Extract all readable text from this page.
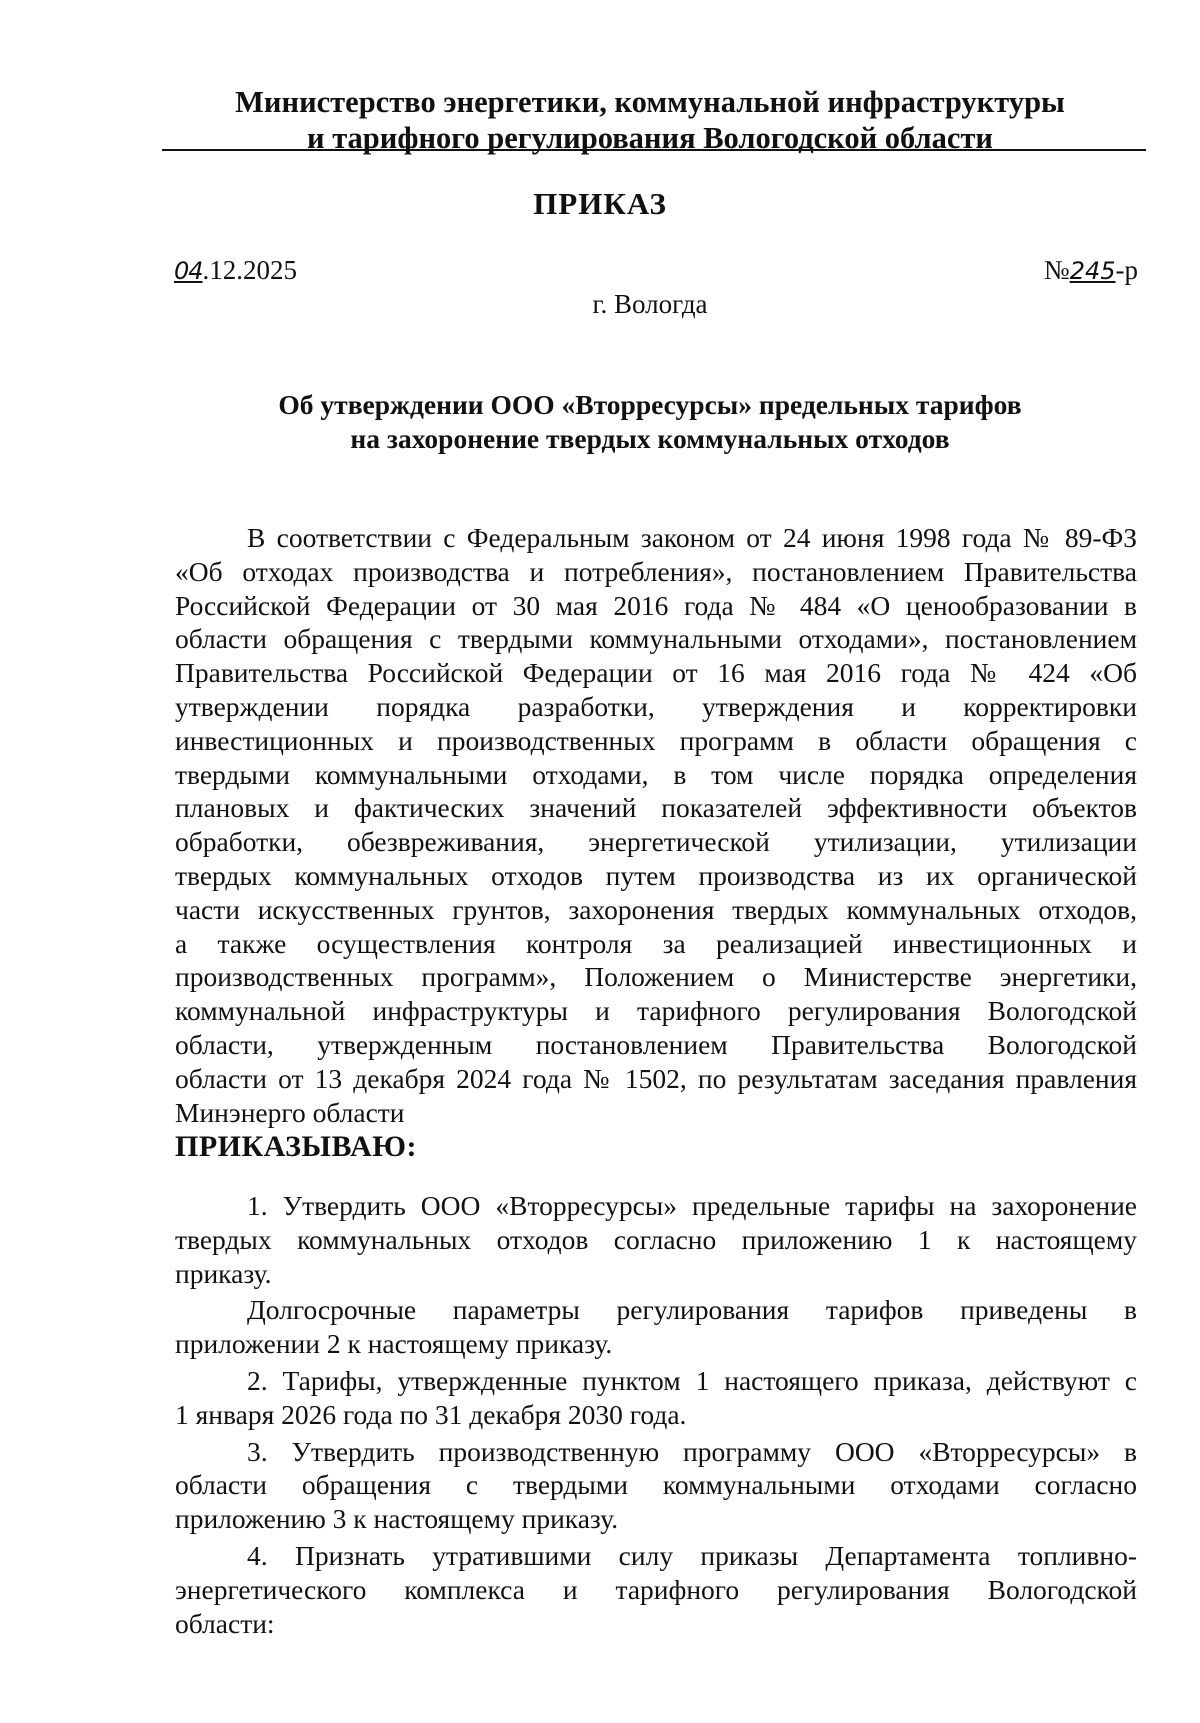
Министерство энергетики, коммунальной инфраструктуры
и тарифного регулирования Вологодской области
ПРИКАЗ
04.12.2025	№245-р
г. Вологда
Об утверждении ООО «Вторресурсы» предельных тарифов
на захоронение твердых коммунальных отходов
В соответствии с Федеральным законом от 24 июня 1998 года № 89-ФЗ
«Об отходах производства и потребления», постановлением Правительства
Российской Федерации от 30 мая 2016 года № 484 «О ценообразовании в
области обращения с твердыми коммунальными отходами», постановлением
Правительства Российской Федерации от 16 мая 2016 года № 424 «Об
утверждении порядка разработки, утверждения и корректировки
инвестиционных и производственных программ в области обращения с
твердыми коммунальными отходами, в том числе порядка определения
плановых и фактических значений показателей эффективности объектов
обработки, обезвреживания, энергетической утилизации, утилизации
твердых коммунальных отходов путем производства из их органической
части искусственных грунтов, захоронения твердых коммунальных отходов,
а также осуществления контроля за реализацией инвестиционных и
производственных программ», Положением о Министерстве энергетики,
коммунальной инфраструктуры и тарифного регулирования Вологодской
области, утвержденным постановлением Правительства Вологодской
области от 13 декабря 2024 года № 1502, по результатам заседания правления
Минэнерго области
ПРИКАЗЫВАЮ:
1. Утвердить ООО «Вторресурсы» предельные тарифы на захоронение
твердых коммунальных отходов согласно приложению 1 к настоящему
приказу.
Долгосрочные параметры регулирования тарифов приведены в
приложении 2 к настоящему приказу.
2. Тарифы, утвержденные пунктом 1 настоящего приказа, действуют с
1 января 2026 года по 31 декабря 2030 года.
3. Утвердить производственную программу ООО «Вторресурсы» в
области обращения с твердыми коммунальными отходами согласно
приложению 3 к настоящему приказу.
4. Признать утратившими силу приказы Департамента топливно-
энергетического комплекса и тарифного регулирования Вологодской
области:
